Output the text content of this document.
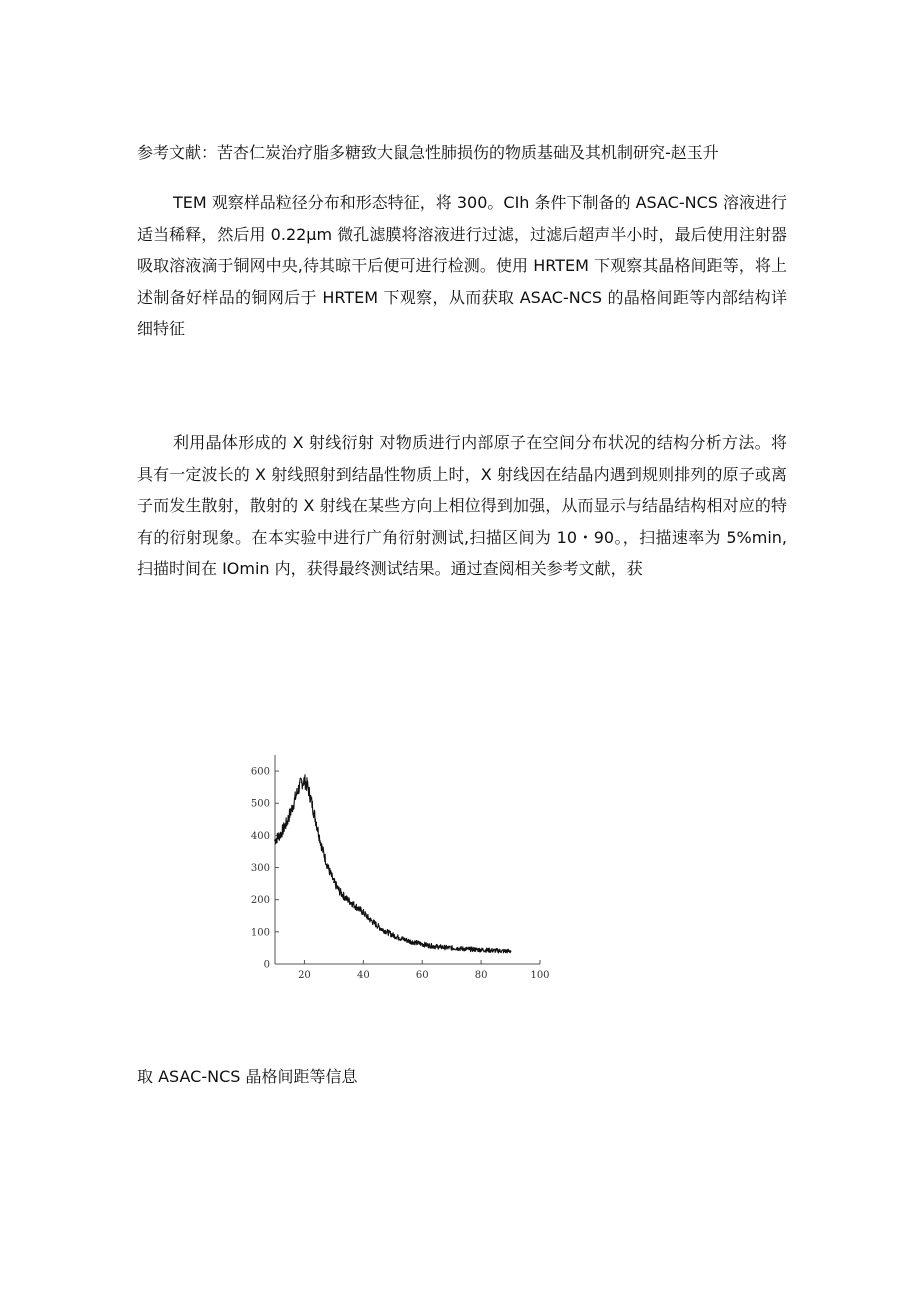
参考文献：苦杏仁炭治疗脂多糖致大鼠急性肺损伤的物质基础及其机制研究-赵玉升

TEM 观察样品粒径分布和形态特征，将 300。CIh 条件下制备的 ASAC-NCS 溶液进行适当稀释，然后用 0.22μm 微孔滤膜将溶液进行过滤，过滤后超声半小时，最后使用注射器吸取溶液滴于铜网中央,待其晾干后便可进行检测。使用 HRTEM 下观察其晶格间距等，将上述制备好样品的铜网后于 HRTEM 下观察，从而获取 ASAC-NCS 的晶格间距等内部结构详细特征

利用晶体形成的 X 射线衍射 对物质进行内部原子在空间分布状况的结构分析方法。将具有一定波长的 X 射线照射到结晶性物质上时，X 射线因在结晶内遇到规则排列的原子或离子而发生散射，散射的 X 射线在某些方向上相位得到加强，从而显示与结晶结构相对应的特有的衍射现象。在本实验中进行广角衍射测试,扫描区间为 10・90。，扫描速率为 5%min,扫描时间在 IOmin 内，获得最终测试结果。通过查阅相关参考文献，获

0
100
200
300
400
500
600
20	40	60	80	100
取 ASAC-NCS 晶格间距等信息
